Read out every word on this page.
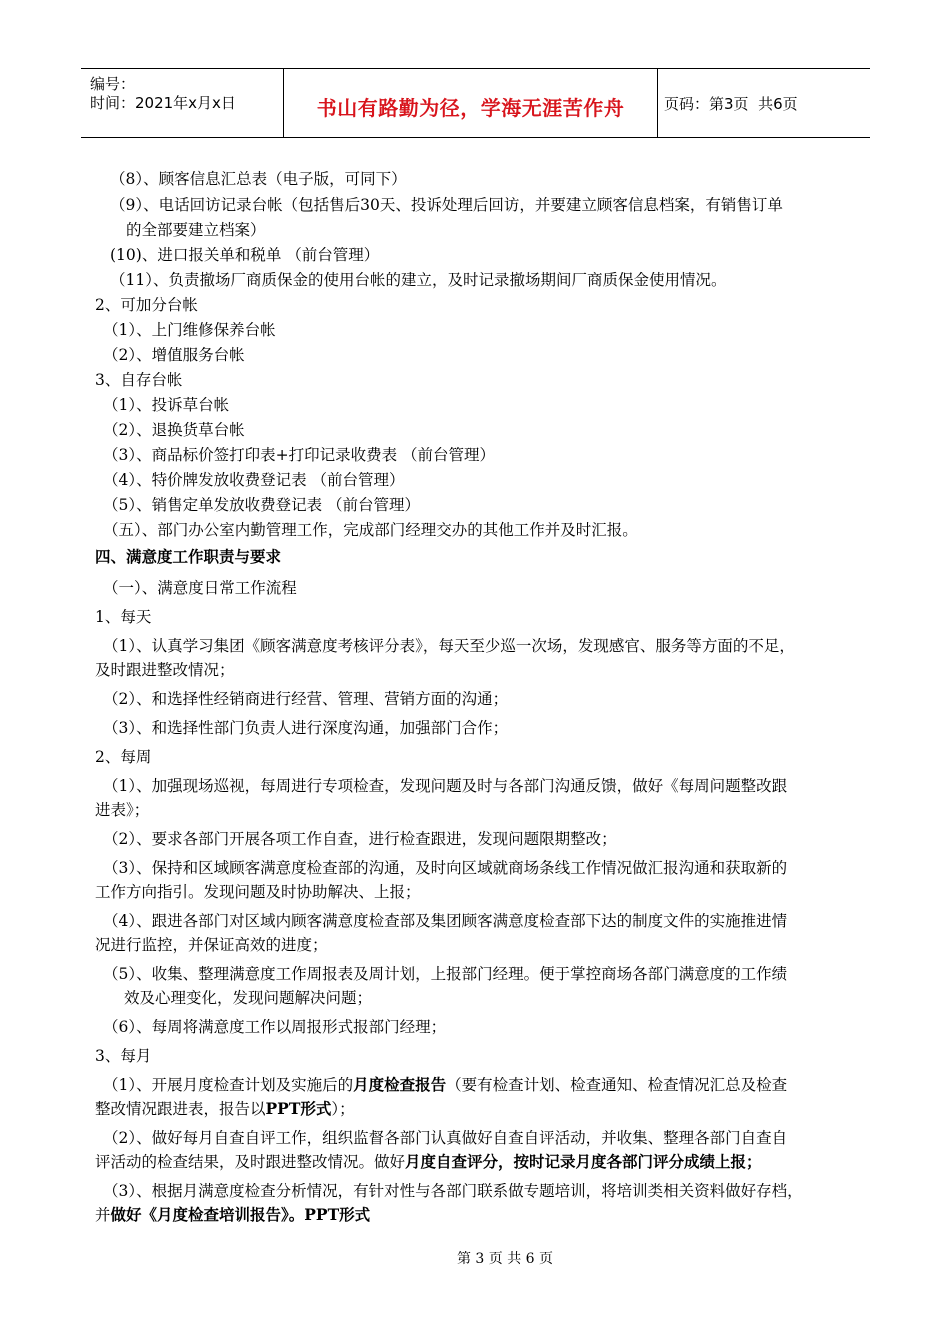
编号：
时间：2021年x月x日	书山有路勤为径，学海无涯苦作舟	页码：第3页  共6页
（8）、顾客信息汇总表（电子版，可同下）
（9）、电话回访记录台帐（包括售后30天、投诉处理后回访，并要建立顾客信息档案，有销售订单
的全部要建立档案）
(10)、进口报关单和税单 （前台管理）
（11）、负责撤场厂商质保金的使用台帐的建立，及时记录撤场期间厂商质保金使用情况。
2、可加分台帐
（1）、上门维修保养台帐
（2）、增值服务台帐
3、自存台帐
（1）、投诉草台帐
（2）、退换货草台帐
（3）、商品标价签打印表+打印记录收费表 （前台管理）
（4）、特价牌发放收费登记表 （前台管理）
（5）、销售定单发放收费登记表 （前台管理）
（五）、部门办公室内勤管理工作，完成部门经理交办的其他工作并及时汇报。
四、满意度工作职责与要求
（一）、满意度日常工作流程
1、每天
（1）、认真学习集团《顾客满意度考核评分表》，每天至少巡一次场，发现感官、服务等方面的不足，
及时跟进整改情况；
（2）、和选择性经销商进行经营、管理、营销方面的沟通；
（3）、和选择性部门负责人进行深度沟通，加强部门合作；
2、每周
（1）、加强现场巡视，每周进行专项检查，发现问题及时与各部门沟通反馈，做好《每周问题整改跟
进表》；
（2）、要求各部门开展各项工作自查，进行检查跟进，发现问题限期整改；
（3）、保持和区域顾客满意度检查部的沟通，及时向区域就商场条线工作情况做汇报沟通和获取新的
工作方向指引。发现问题及时协助解决、上报；
（4）、跟进各部门对区域内顾客满意度检查部及集团顾客满意度检查部下达的制度文件的实施推进情
况进行监控，并保证高效的进度；
（5）、收集、整理满意度工作周报表及周计划，上报部门经理。便于掌控商场各部门满意度的工作绩
效及心理变化，发现问题解决问题；
（6）、每周将满意度工作以周报形式报部门经理；
3、每月
（1）、开展月度检查计划及实施后的月度检查报告（要有检查计划、检查通知、检查情况汇总及检查
整改情况跟进表，报告以PPT形式）；
（2）、做好每月自查自评工作，组织监督各部门认真做好自查自评活动，并收集、整理各部门自查自
评活动的检查结果，及时跟进整改情况。做好月度自查评分，按时记录月度各部门评分成绩上报；
（3）、根据月满意度检查分析情况，有针对性与各部门联系做专题培训，将培训类相关资料做好存档，
并做好《月度检查培训报告》。PPT形式
第 3 页 共 6 页
